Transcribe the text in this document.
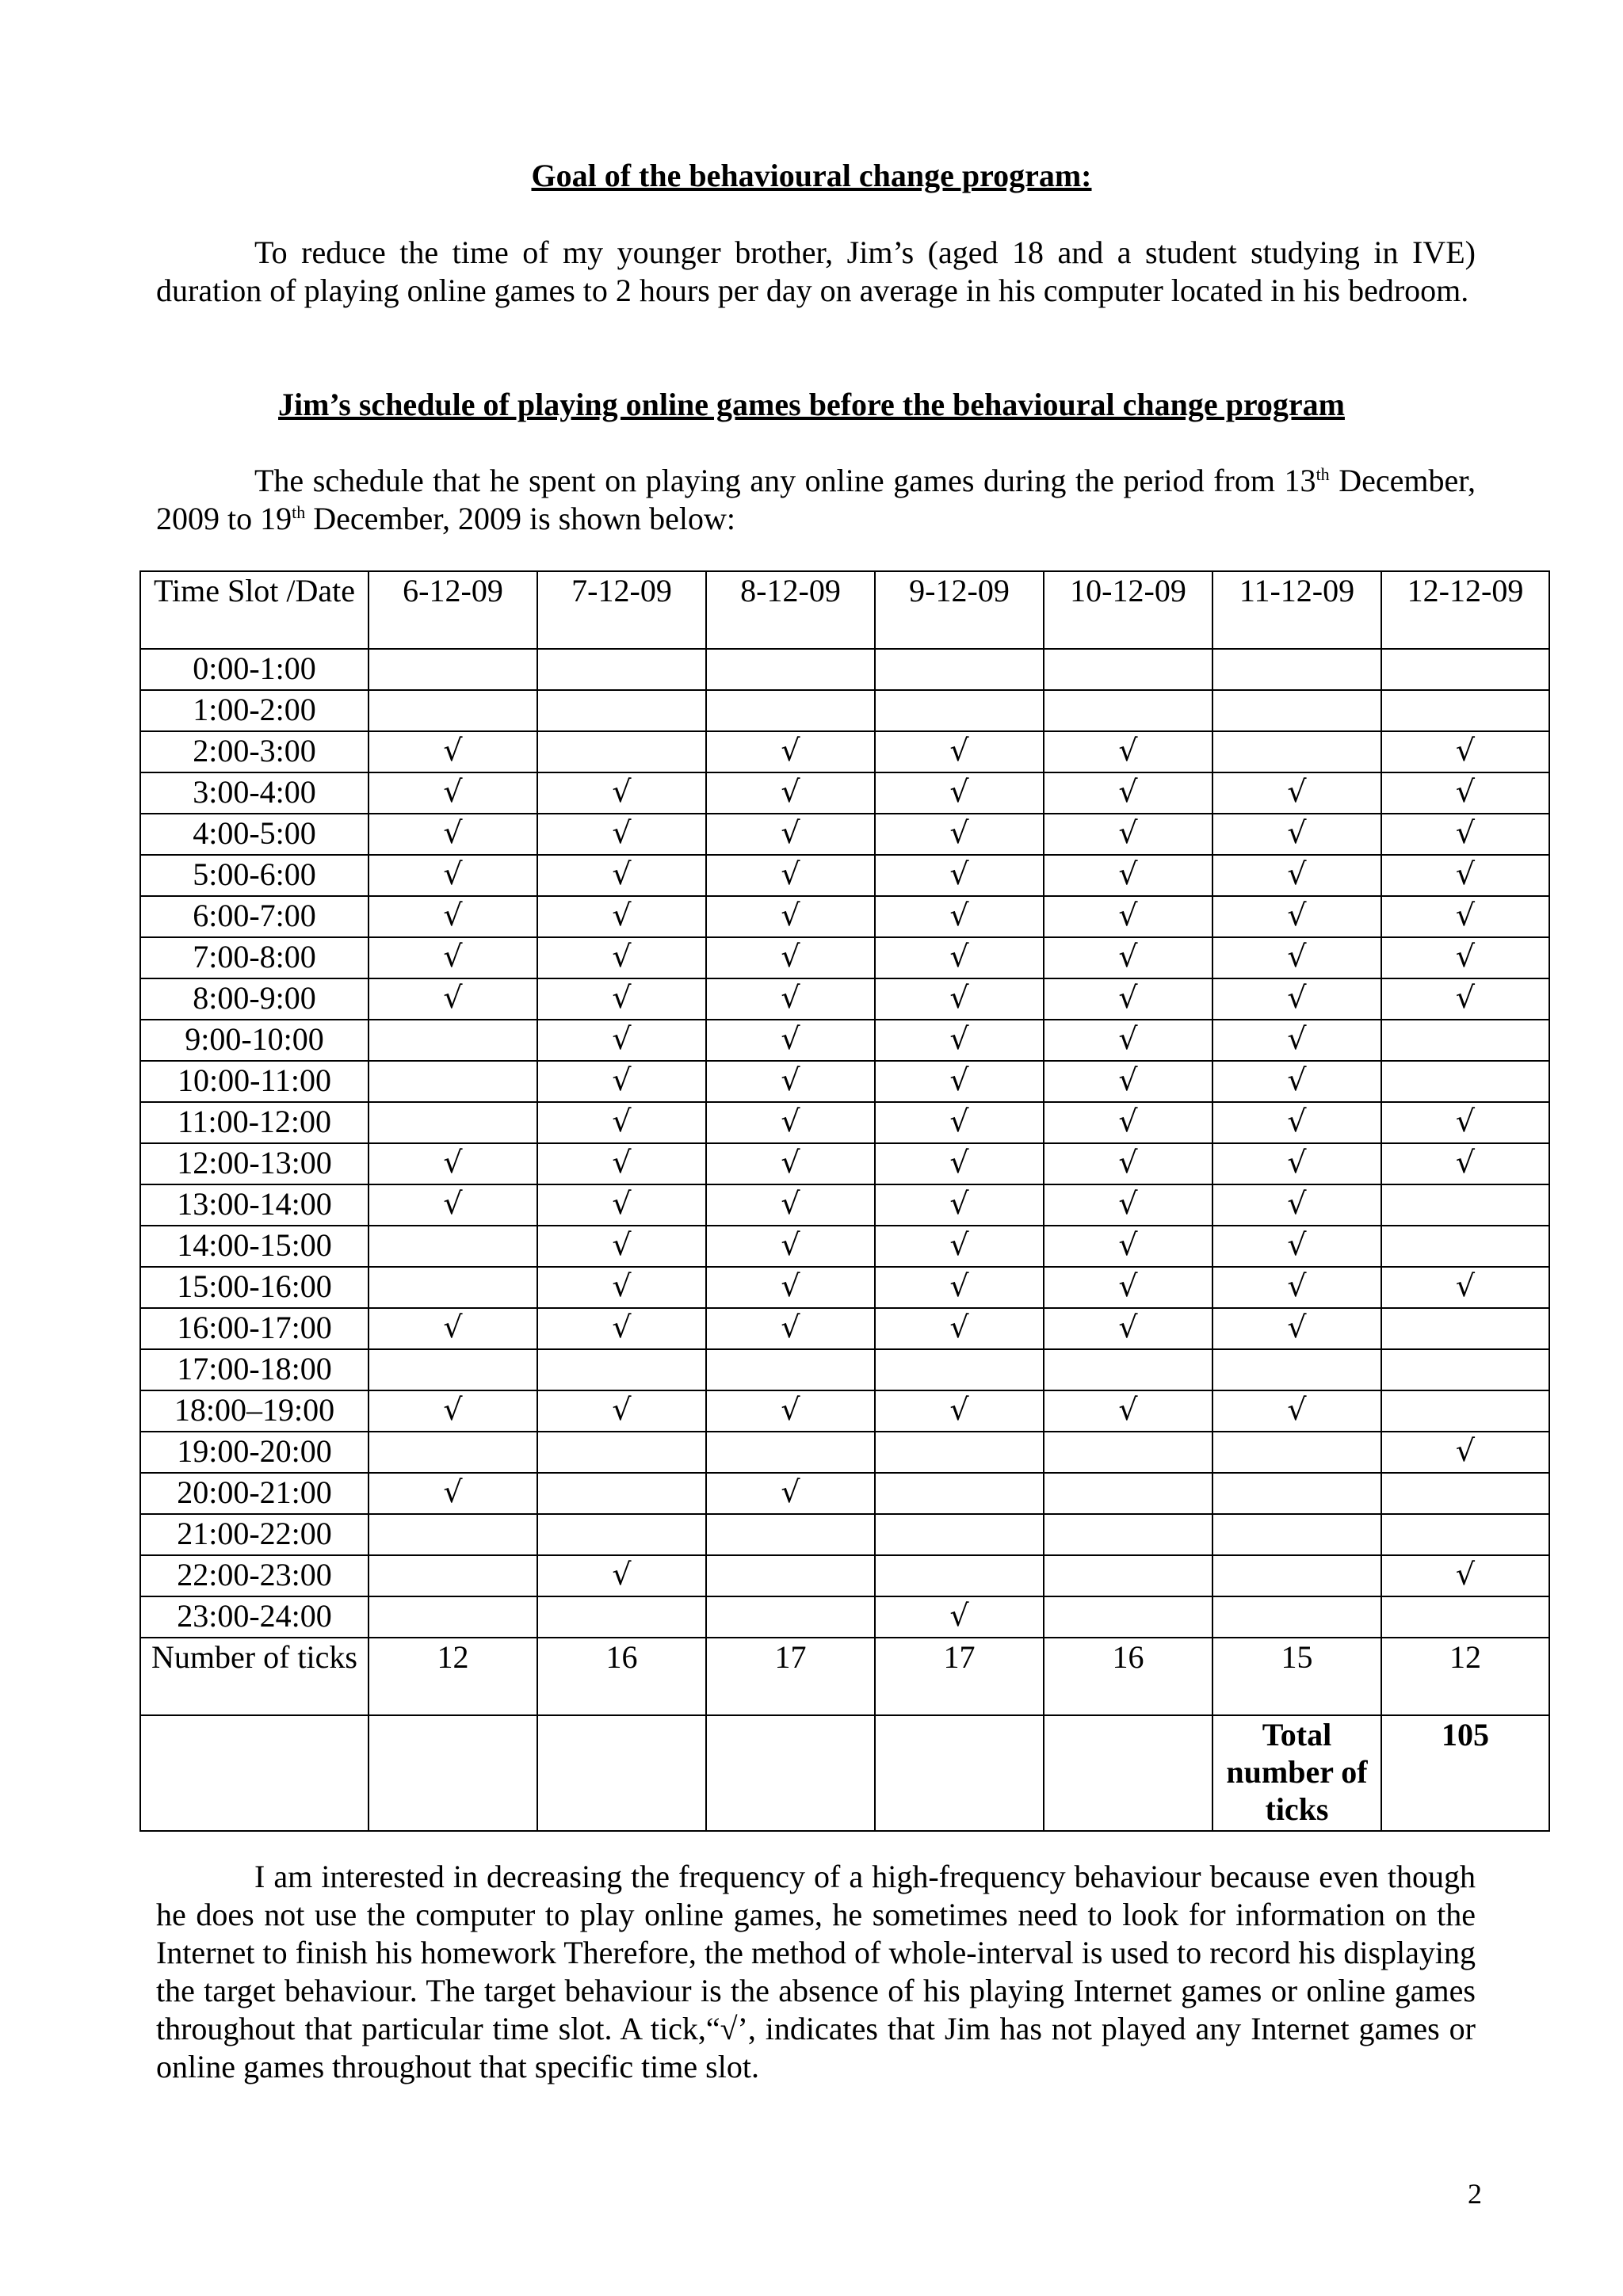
Goal of the behavioural change program:
To reduce the time of my younger brother, Jim’s (aged 18 and a student studying in IVE) duration of playing online games to 2 hours per day on average in his computer located in his bedroom.
Jim’s schedule of playing online games before the behavioural change program
The schedule that he spent on playing any online games during the period from 13th December, 2009 to 19th December, 2009 is shown below:
Time Slot /Date	6-12-09	7-12-09	8-12-09	9-12-09	10-12-09	11-12-09	12-12-09
0:00-1:00							
1:00-2:00							
2:00-3:00	√		√	√	√		√
3:00-4:00	√	√	√	√	√	√	√
4:00-5:00	√	√	√	√	√	√	√
5:00-6:00	√	√	√	√	√	√	√
6:00-7:00	√	√	√	√	√	√	√
7:00-8:00	√	√	√	√	√	√	√
8:00-9:00	√	√	√	√	√	√	√
9:00-10:00		√	√	√	√	√	
10:00-11:00		√	√	√	√	√	
11:00-12:00		√	√	√	√	√	√
12:00-13:00	√	√	√	√	√	√	√
13:00-14:00	√	√	√	√	√	√	
14:00-15:00		√	√	√	√	√	
15:00-16:00		√	√	√	√	√	√
16:00-17:00	√	√	√	√	√	√	
17:00-18:00							
18:00–19:00	√	√	√	√	√	√	
19:00-20:00							√
20:00-21:00	√		√				
21:00-22:00							
22:00-23:00		√					√
23:00-24:00				√			
Number of ticks	12	16	17	17	16	15	12
						Total number of ticks	105
I am interested in decreasing the frequency of a high-frequency behaviour because even though he does not use the computer to play online games, he sometimes need to look for information on the Internet to finish his homework Therefore, the method of whole-interval is used to record his displaying the target behaviour. The target behaviour is the absence of his playing Internet games or online games throughout that particular time slot. A tick,“√’, indicates that Jim has not played any Internet games or online games throughout that specific time slot.
2
